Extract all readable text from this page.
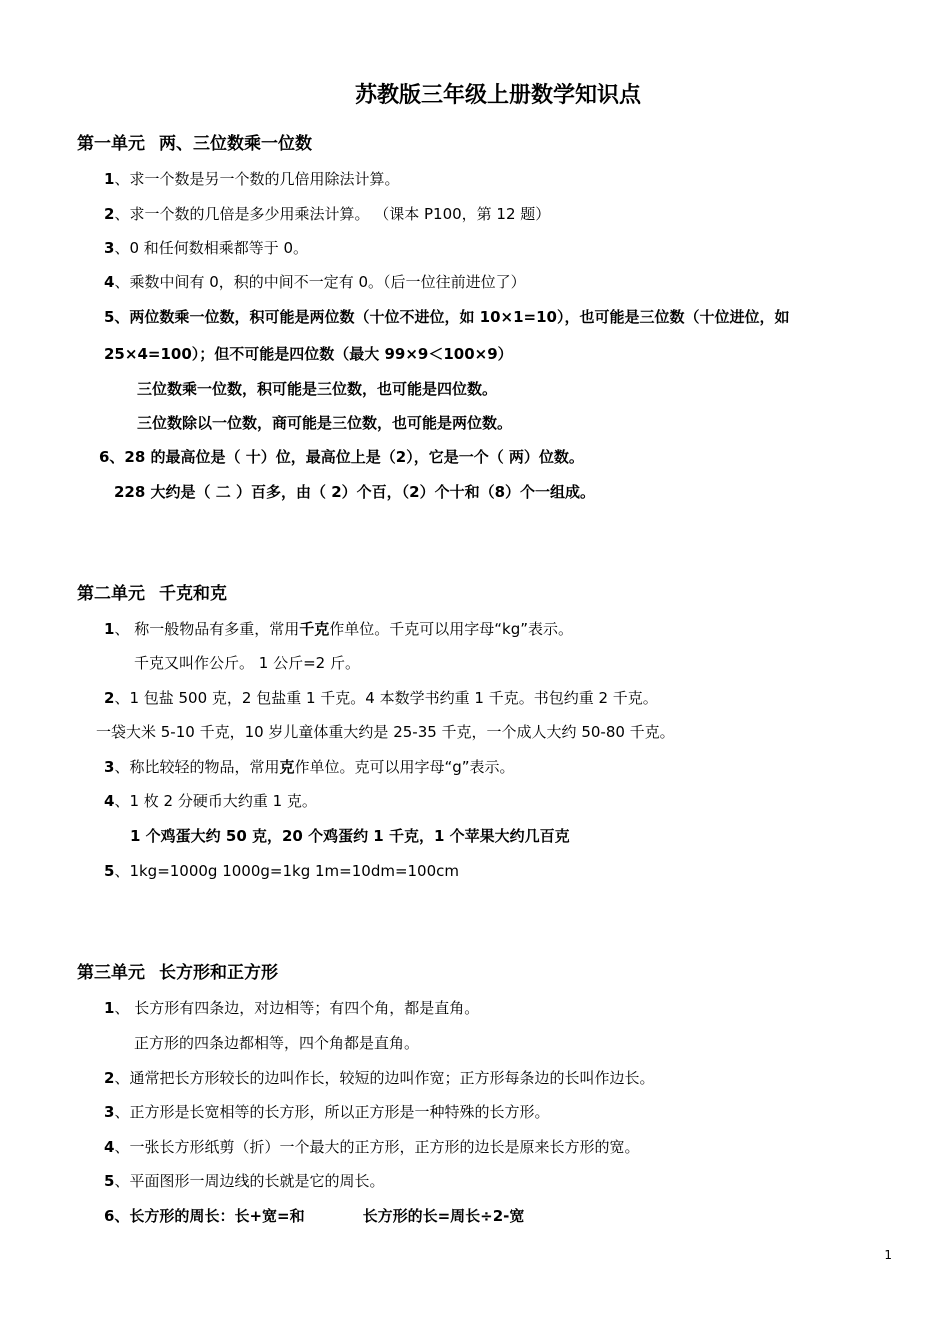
苏教版三年级上册数学知识点
第一单元 两、三位数乘一位数
1、求一个数是另一个数的几倍用除法计算。
2、求一个数的几倍是多少用乘法计算。 （课本 P100，第 12 题）
3、0 和任何数相乘都等于 0。
4、乘数中间有 0，积的中间不一定有 0。（后一位往前进位了）
5、两位数乘一位数，积可能是两位数（十位不进位，如 10×1=10），也可能是三位数（十位进位，如
25×4=100）；但不可能是四位数（最大 99×9＜100×9）
三位数乘一位数，积可能是三位数，也可能是四位数。
三位数除以一位数，商可能是三位数，也可能是两位数。
6、28 的最高位是（ 十）位，最高位上是（2），它是一个（ 两）位数。
228 大约是（ 二 ）百多，由（ 2）个百，（2）个十和（8）个一组成。
第二单元 千克和克
1、 称一般物品有多重，常用千克作单位。千克可以用字母“kg”表示。
千克又叫作公斤。 1 公斤=2 斤。
2、1 包盐 500 克，2 包盐重 1 千克。4 本数学书约重 1 千克。书包约重 2 千克。
一袋大米 5-10 千克，10 岁儿童体重大约是 25-35 千克，一个成人大约 50-80 千克。
3、称比较轻的物品，常用克作单位。克可以用字母“g”表示。
4、1 枚 2 分硬币大约重 1 克。
1 个鸡蛋大约 50 克，20 个鸡蛋约 1 千克，1 个苹果大约几百克
5、1kg=1000g 1000g=1kg 1m=10dm=100cm
第三单元 长方形和正方形
1、 长方形有四条边，对边相等；有四个角，都是直角。
正方形的四条边都相等，四个角都是直角。
2、通常把长方形较长的边叫作长，较短的边叫作宽；正方形每条边的长叫作边长。
3、正方形是长宽相等的长方形，所以正方形是一种特殊的长方形。
4、一张长方形纸剪（折）一个最大的正方形，正方形的边长是原来长方形的宽。
5、平面图形一周边线的长就是它的周长。
6、长方形的周长：长+宽=和	长方形的长=周长÷2-宽
1
